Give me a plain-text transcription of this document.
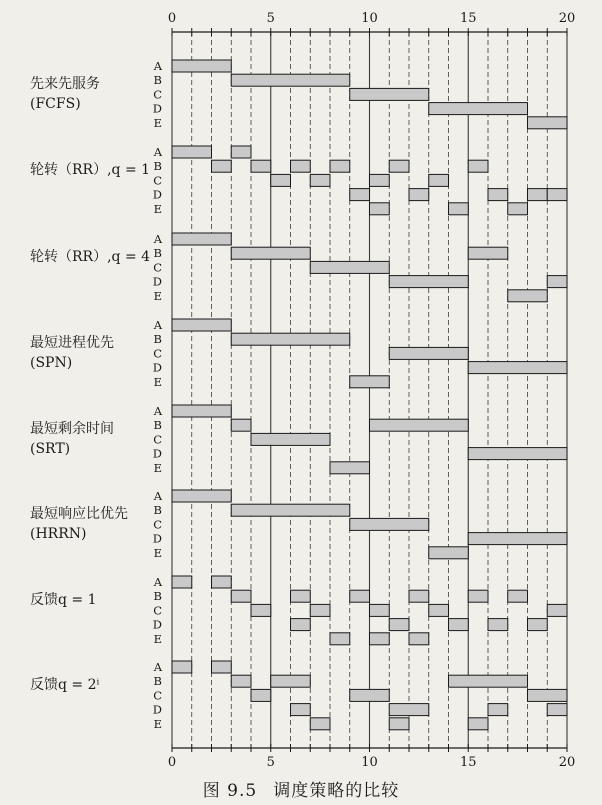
0	5	10	15	20
0	5	10	15	20
A
B
C
D
E
A
B
C
D
E
A
B
C
D
E
A
B
C
D
E
A
B
C
D
E
A
B
C
D
E
A
B
C
D
E
A
B
C
D
E
图 9.5 调度策略的比较
先来先服务
(FCFS)
轮转（RR）,q = 1
轮转（RR）,q = 4
最短进程优先
(SPN)
最短剩余时间
(SRT)
最短响应比优先
(HRRN)
反馈q = 1
反馈q = 2ⁱ
